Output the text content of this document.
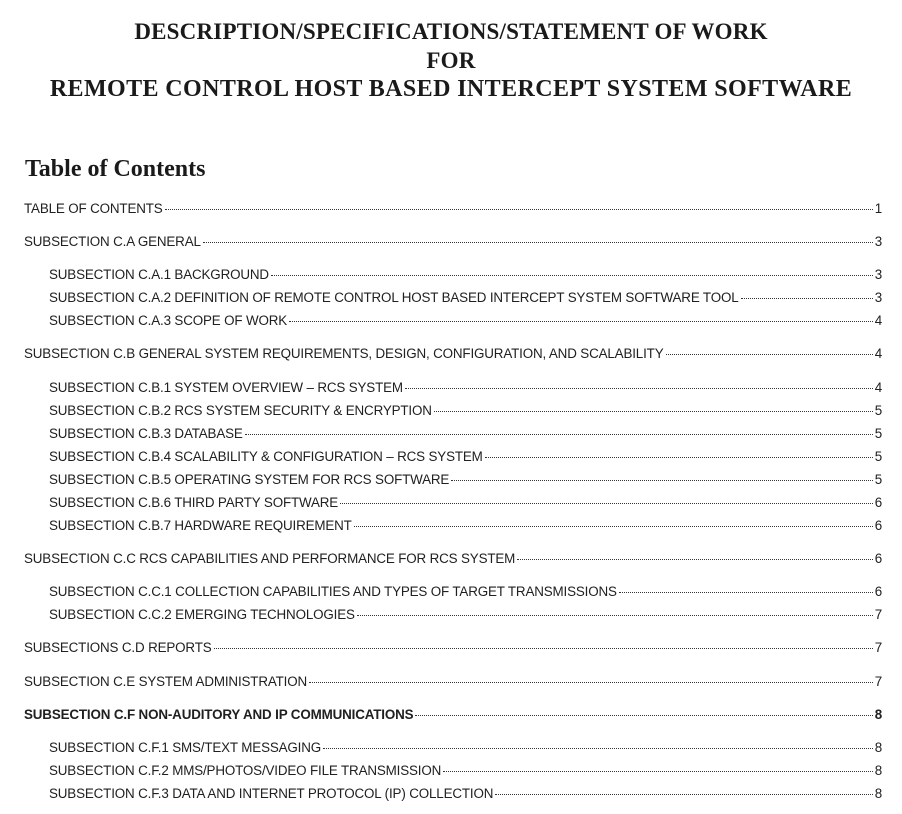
DESCRIPTION/SPECIFICATIONS/STATEMENT OF WORK
FOR
REMOTE CONTROL HOST BASED INTERCEPT SYSTEM SOFTWARE
Table of Contents
TABLE OF CONTENTS	1
SUBSECTION C.A GENERAL	3
SUBSECTION C.A.1 BACKGROUND	3
SUBSECTION C.A.2 DEFINITION OF REMOTE CONTROL HOST BASED INTERCEPT SYSTEM SOFTWARE TOOL	3
SUBSECTION C.A.3 SCOPE OF WORK	4
SUBSECTION C.B GENERAL SYSTEM REQUIREMENTS, DESIGN, CONFIGURATION, AND SCALABILITY	4
SUBSECTION C.B.1 SYSTEM OVERVIEW – RCS SYSTEM	4
SUBSECTION C.B.2 RCS SYSTEM SECURITY & ENCRYPTION	5
SUBSECTION C.B.3 DATABASE	5
SUBSECTION C.B.4 SCALABILITY & CONFIGURATION – RCS SYSTEM	5
SUBSECTION C.B.5 OPERATING SYSTEM FOR RCS SOFTWARE	5
SUBSECTION C.B.6 THIRD PARTY SOFTWARE	6
SUBSECTION C.B.7 HARDWARE REQUIREMENT	6
SUBSECTION C.C RCS CAPABILITIES AND PERFORMANCE FOR RCS SYSTEM	6
SUBSECTION C.C.1 COLLECTION CAPABILITIES AND TYPES OF TARGET TRANSMISSIONS	6
SUBSECTION C.C.2 EMERGING TECHNOLOGIES	7
SUBSECTIONS C.D REPORTS	7
SUBSECTION C.E SYSTEM ADMINISTRATION	7
SUBSECTION C.F NON-AUDITORY AND IP COMMUNICATIONS	8
SUBSECTION C.F.1 SMS/TEXT MESSAGING	8
SUBSECTION C.F.2 MMS/PHOTOS/VIDEO FILE TRANSMISSION	8
SUBSECTION C.F.3 DATA AND INTERNET PROTOCOL (IP) COLLECTION	8
